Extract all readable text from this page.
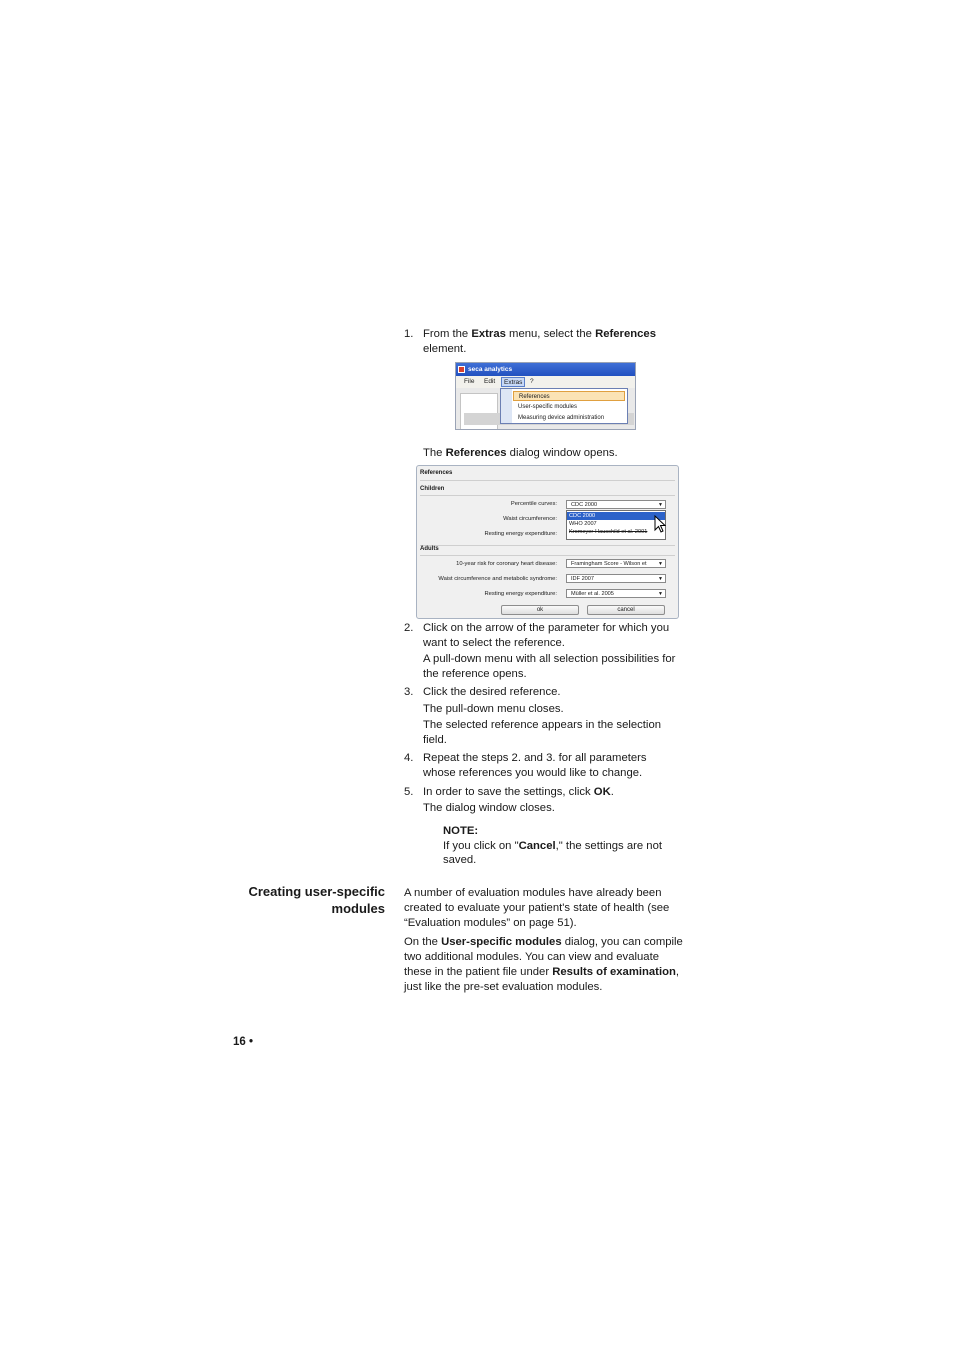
1. From the Extras menu, select the References element.
seca analytics
File	Edit	Extras	?
References
User-specific modules
Measuring device administration
The References dialog window opens.
References
Children
Percentile curves:	CDC 2000	▼
Waist circumference:
Resting energy expenditure:
CDC 2000
WHO 2007
Kromeyer-Hauschild et al. 2001
Adults
10-year risk for coronary heart disease:	Framingham Score - Wilson et ▼
Waist circumference and metabolic syndrome:	IDF 2007	▼
Resting energy expenditure:	Müller et al. 2005	▼
ok	cancel
2. Click on the arrow of the parameter for which you
want to select the reference.
A pull-down menu with all selection possibilities for
the reference opens.
3. Click the desired reference.
The pull-down menu closes.
The selected reference appears in the selection
field.
4. Repeat the steps 2. and 3. for all parameters
whose references you would like to change.
5. In order to save the settings, click OK.
The dialog window closes.
NOTE:
If you click on "Cancel," the settings are not
saved.
Creating user-specific
modules
A number of evaluation modules have already been
created to evaluate your patient's state of health (see
“Evaluation modules” on page 51).
On the User-specific modules dialog, you can compile
two additional modules. You can view and evaluate
these in the patient file under Results of examination,
just like the pre-set evaluation modules.
16 •
